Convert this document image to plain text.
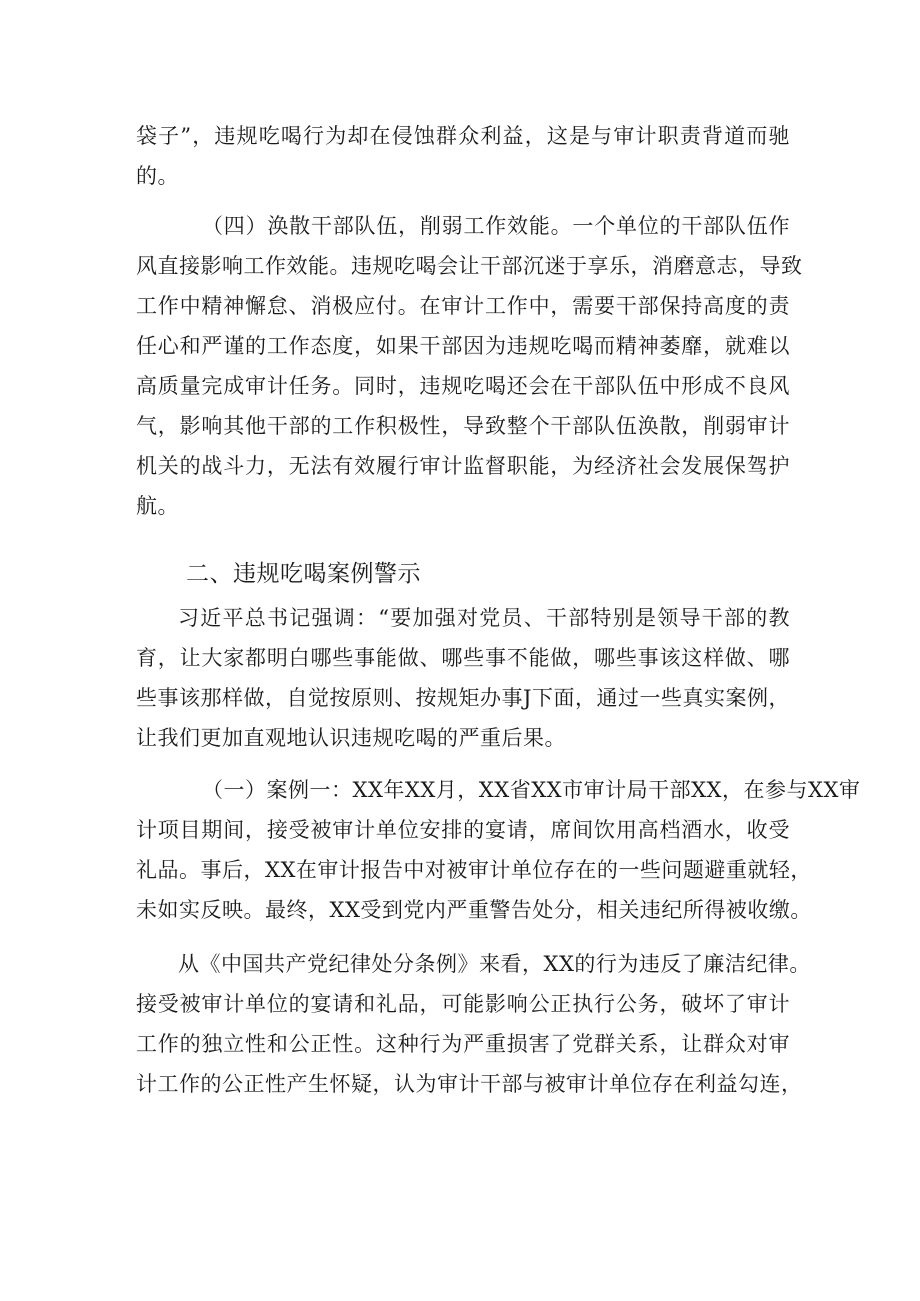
袋子”，违规吃喝行为却在侵蚀群众利益，这是与审计职责背道而驰
的。
（四）涣散干部队伍，削弱工作效能。一个单位的干部队伍作
风直接影响工作效能。违规吃喝会让干部沉迷于享乐，消磨意志，导致
工作中精神懈怠、消极应付。在审计工作中，需要干部保持高度的责
任心和严谨的工作态度，如果干部因为违规吃喝而精神萎靡，就难以
高质量完成审计任务。同时，违规吃喝还会在干部队伍中形成不良风
气，影响其他干部的工作积极性，导致整个干部队伍涣散，削弱审计
机关的战斗力，无法有效履行审计监督职能，为经济社会发展保驾护
航。
二、违规吃喝案例警示
习近平总书记强调：“要加强对党员、干部特别是领导干部的教
育，让大家都明白哪些事能做、哪些事不能做，哪些事该这样做、哪
些事该那样做，自觉按原则、按规矩办事J下面，通过一些真实案例，
让我们更加直观地认识违规吃喝的严重后果。
（一）案例一：XX年XX月，XX省XX市审计局干部XX，在参与XX审
计项目期间，接受被审计单位安排的宴请，席间饮用高档酒水，收受
礼品。事后，XX在审计报告中对被审计单位存在的一些问题避重就轻，
未如实反映。最终，XX受到党内严重警告处分，相关违纪所得被收缴。
从《中国共产党纪律处分条例》来看，XX的行为违反了廉洁纪律。
接受被审计单位的宴请和礼品，可能影响公正执行公务，破坏了审计
工作的独立性和公正性。这种行为严重损害了党群关系，让群众对审
计工作的公正性产生怀疑，认为审计干部与被审计单位存在利益勾连，
